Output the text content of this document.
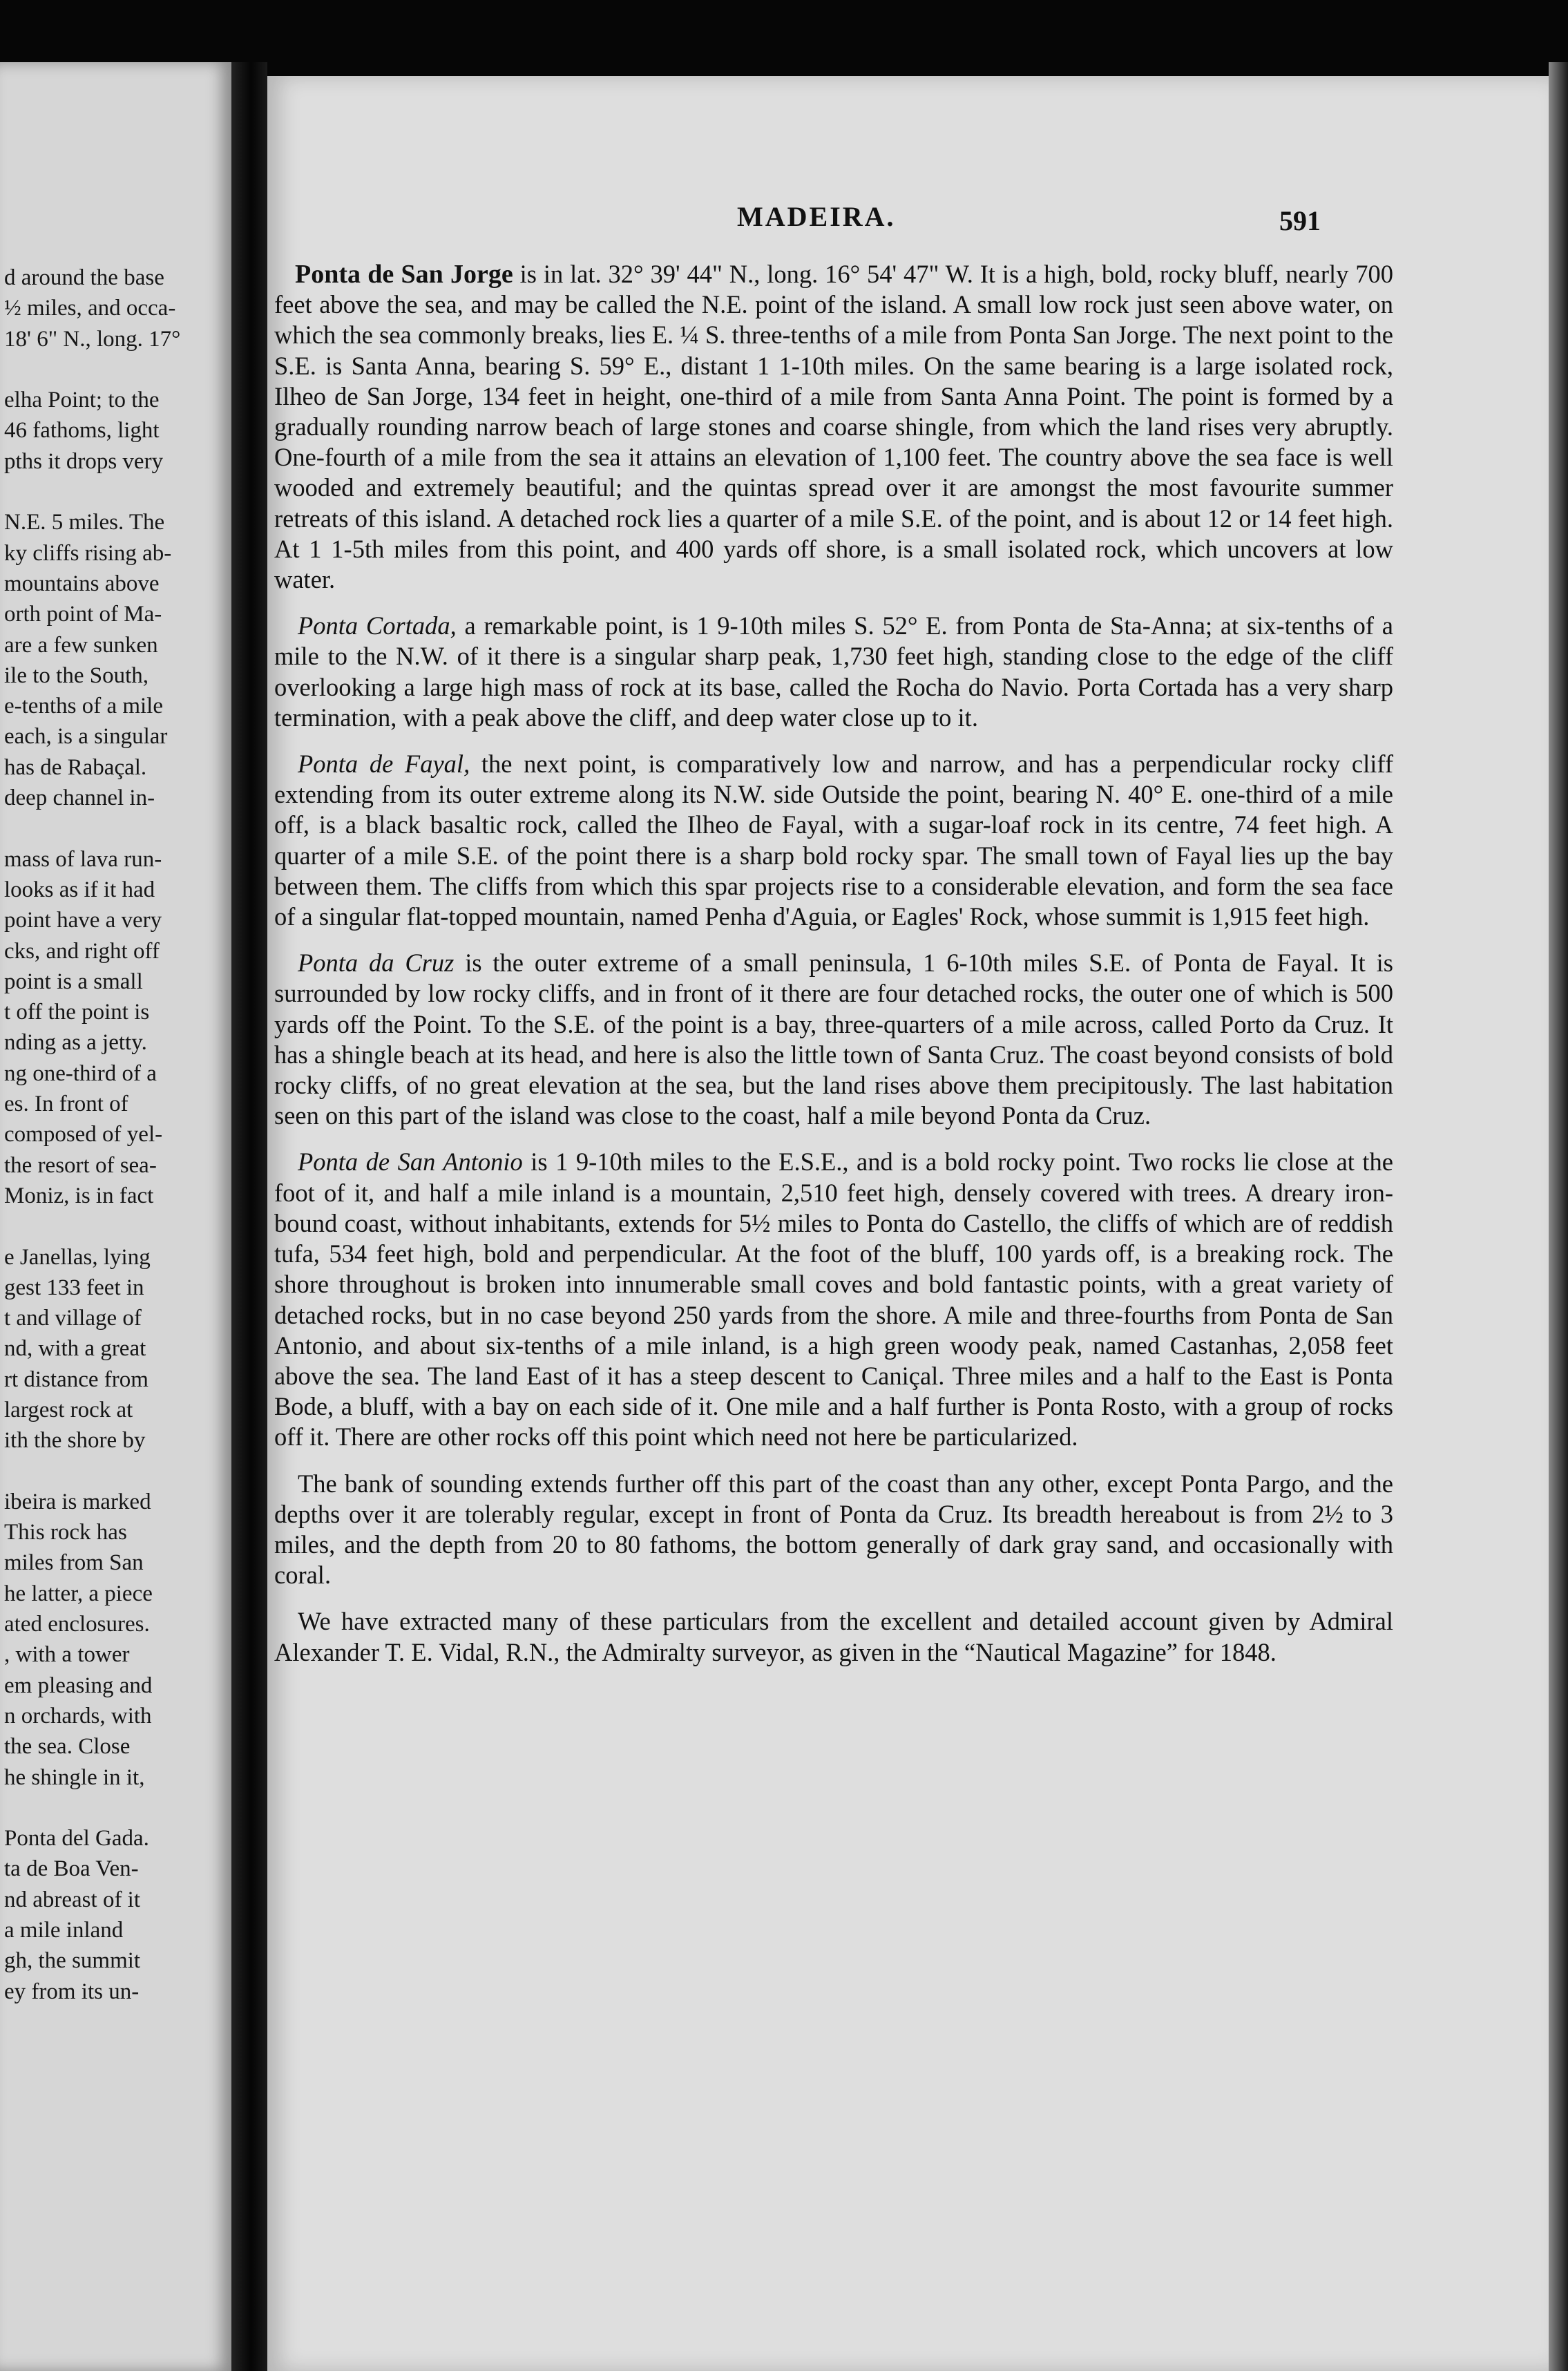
d around the base
½ miles, and occa-
18' 6" N., long. 17°
elha Point; to the
46 fathoms, light
pths it drops very
N.E. 5 miles. The
ky cliffs rising ab-
mountains above
orth point of Ma-
are a few sunken
ile to the South,
e-tenths of a mile
each, is a singular
has de Rabaçal.
deep channel in-
mass of lava run-
looks as if it had
point have a very
cks, and right off
point is a small
t off the point is
nding as a jetty.
ng one-third of a
es. In front of
composed of yel-
the resort of sea-
Moniz, is in fact
e Janellas, lying
gest 133 feet in
t and village of
nd, with a great
rt distance from
largest rock at
ith the shore by
ibeira is marked
This rock has
miles from San
he latter, a piece
ated enclosures.
, with a tower
em pleasing and
n orchards, with
the sea. Close
he shingle in it,
Ponta del Gada.
ta de Boa Ven-
nd abreast of it
a mile inland
gh, the summit
ey from its un-
MADEIRA.	591

Ponta de San Jorge is in lat. 32° 39' 44" N., long. 16° 54' 47" W. It is a high, bold, rocky bluff, nearly 700 feet above the sea, and may be called the N.E. point of the island. A small low rock just seen above water, on which the sea commonly breaks, lies E. ¼ S. three-tenths of a mile from Ponta San Jorge. The next point to the S.E. is Santa Anna, bearing S. 59° E., distant 1 1-10th miles. On the same bearing is a large isolated rock, Ilheo de San Jorge, 134 feet in height, one-third of a mile from Santa Anna Point. The point is formed by a gradually rounding narrow beach of large stones and coarse shingle, from which the land rises very abruptly. One-fourth of a mile from the sea it attains an elevation of 1,100 feet. The country above the sea face is well wooded and extremely beautiful; and the quintas spread over it are amongst the most favourite summer retreats of this island. A detached rock lies a quarter of a mile S.E. of the point, and is about 12 or 14 feet high. At 1 1-5th miles from this point, and 400 yards off shore, is a small isolated rock, which uncovers at low water.

Ponta Cortada, a remarkable point, is 1 9-10th miles S. 52° E. from Ponta de Sta-Anna; at six-tenths of a mile to the N.W. of it there is a singular sharp peak, 1,730 feet high, standing close to the edge of the cliff overlooking a large high mass of rock at its base, called the Rocha do Navio. Porta Cortada has a very sharp termination, with a peak above the cliff, and deep water close up to it.

Ponta de Fayal, the next point, is comparatively low and narrow, and has a perpendicular rocky cliff extending from its outer extreme along its N.W. side Outside the point, bearing N. 40° E. one-third of a mile off, is a black basaltic rock, called the Ilheo de Fayal, with a sugar-loaf rock in its centre, 74 feet high. A quarter of a mile S.E. of the point there is a sharp bold rocky spar. The small town of Fayal lies up the bay between them. The cliffs from which this spar projects rise to a considerable elevation, and form the sea face of a singular flat-topped mountain, named Penha d'Aguia, or Eagles' Rock, whose summit is 1,915 feet high.

Ponta da Cruz is the outer extreme of a small peninsula, 1 6-10th miles S.E. of Ponta de Fayal. It is surrounded by low rocky cliffs, and in front of it there are four detached rocks, the outer one of which is 500 yards off the Point. To the S.E. of the point is a bay, three-quarters of a mile across, called Porto da Cruz. It has a shingle beach at its head, and here is also the little town of Santa Cruz. The coast beyond consists of bold rocky cliffs, of no great elevation at the sea, but the land rises above them precipitously. The last habitation seen on this part of the island was close to the coast, half a mile beyond Ponta da Cruz.

Ponta de San Antonio is 1 9-10th miles to the E.S.E., and is a bold rocky point. Two rocks lie close at the foot of it, and half a mile inland is a mountain, 2,510 feet high, densely covered with trees. A dreary iron-bound coast, without inhabitants, extends for 5½ miles to Ponta do Castello, the cliffs of which are of reddish tufa, 534 feet high, bold and perpendicular. At the foot of the bluff, 100 yards off, is a breaking rock. The shore throughout is broken into innumerable small coves and bold fantastic points, with a great variety of detached rocks, but in no case beyond 250 yards from the shore. A mile and three-fourths from Ponta de San Antonio, and about six-tenths of a mile inland, is a high green woody peak, named Castanhas, 2,058 feet above the sea. The land East of it has a steep descent to Caniçal. Three miles and a half to the East is Ponta Bode, a bluff, with a bay on each side of it. One mile and a half further is Ponta Rosto, with a group of rocks off it. There are other rocks off this point which need not here be particularized.

The bank of sounding extends further off this part of the coast than any other, except Ponta Pargo, and the depths over it are tolerably regular, except in front of Ponta da Cruz. Its breadth hereabout is from 2½ to 3 miles, and the depth from 20 to 80 fathoms, the bottom generally of dark gray sand, and occasionally with coral.

We have extracted many of these particulars from the excellent and detailed account given by Admiral Alexander T. E. Vidal, R.N., the Admiralty surveyor, as given in the “Nautical Magazine” for 1848.
